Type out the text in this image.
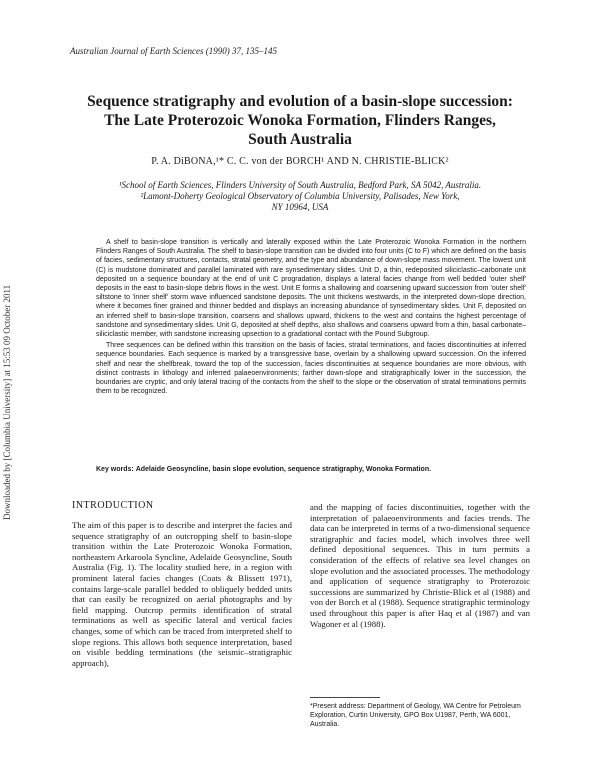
Australian Journal of Earth Sciences (1990) 37, 135–145
Downloaded by [Columbia University] at 15:53 09 October 2011
Sequence stratigraphy and evolution of a basin-slope succession:
The Late Proterozoic Wonoka Formation, Flinders Ranges,
South Australia
P. A. DiBONA,¹* C. C. von der BORCH¹ AND N. CHRISTIE-BLICK²
¹School of Earth Sciences, Flinders University of South Australia, Bedford Park, SA 5042, Australia.
²Lamont-Doherty Geological Observatory of Columbia University, Palisades, New York,
NY 10964, USA

A shelf to basin-slope transition is vertically and laterally exposed within the Late Proterozoic Wonoka Formation in the northern Flinders Ranges of South Australia. The shelf to basin-slope transition can be divided into four units (C to F) which are defined on the basis of facies, sedimentary structures, contacts, stratal geometry, and the type and abundance of down-slope mass movement. The lowest unit (C) is mudstone dominated and parallel laminated with rare synsedimentary slides. Unit D, a thin, redeposited siliciclastic–carbonate unit deposited on a sequence boundary at the end of unit C progradation, displays a lateral facies change from well bedded 'outer shelf' deposits in the east to basin-slope debris flows in the west. Unit E forms a shallowing and coarsening upward succession from 'outer shelf' siltstone to 'inner shelf' storm wave influenced sandstone deposits. The unit thickens westwards, in the interpreted down-slope direction, where it becomes finer grained and thinner bedded and displays an increasing abundance of synsedimentary slides. Unit F, deposited on an inferred shelf to basin-slope transition, coarsens and shallows upward, thickens to the west and contains the highest percentage of sandstone and synsedimentary slides. Unit G, deposited at shelf depths, also shallows and coarsens upward from a thin, basal carbonate–siliciclastic member, with sandstone increasing upsection to a gradational contact with the Pound Subgroup.

Three sequences can be defined within this transition on the basis of facies, stratal terminations, and facies discontinuities at inferred sequence boundaries. Each sequence is marked by a transgressive base, overlain by a shallowing upward succession. On the inferred shelf and near the shelfbreak, toward the top of the succession, facies discontinuities at sequence boundaries are more obvious, with distinct contrasts in lithology and inferred palaeoenvironments; farther down-slope and stratigraphically lower in the succession, the boundaries are cryptic, and only lateral tracing of the contacts from the shelf to the slope or the observation of stratal terminations permits them to be recognized.

Key words: Adelaide Geosyncline, basin slope evolution, sequence stratigraphy, Wonoka Formation.
INTRODUCTION

The aim of this paper is to describe and interpret the facies and sequence stratigraphy of an outcropping shelf to basin-slope transition within the Late Proterozoic Wonoka Formation, northeastern Arkaroola Syncline, Adelaide Geosyncline, South Australia (Fig. 1). The locality studied here, in a region with prominent lateral facies changes (Coats & Blissett 1971), contains large-scale parallel bedded to obliquely bedded units that can easily be recognized on aerial photographs and by field mapping. Outcrop permits identification of stratal terminations as well as specific lateral and vertical facies changes, some of which can be traced from interpreted shelf to slope regions. This allows both sequence interpretation, based on visible bedding terminations (the seismic–stratigraphic approach),

and the mapping of facies discontinuities, together with the interpretation of palaeoenvironments and facies trends. The data can be interpreted in terms of a two-dimensional sequence stratigraphic and facies model, which involves three well defined depositional sequences. This in turn permits a consideration of the effects of relative sea level changes on slope evolution and the associated processes. The methodology and application of sequence stratigraphy to Proterozoic successions are summarized by Christie-Blick et al (1988) and von der Borch et al (1988). Sequence stratigraphic terminology used throughout this paper is after Haq et al (1987) and van Wagoner et al (1988).

*Present address: Department of Geology, WA Centre for Petroleum Exploration, Curtin University, GPO Box U1987, Perth, WA 6001, Australia.
